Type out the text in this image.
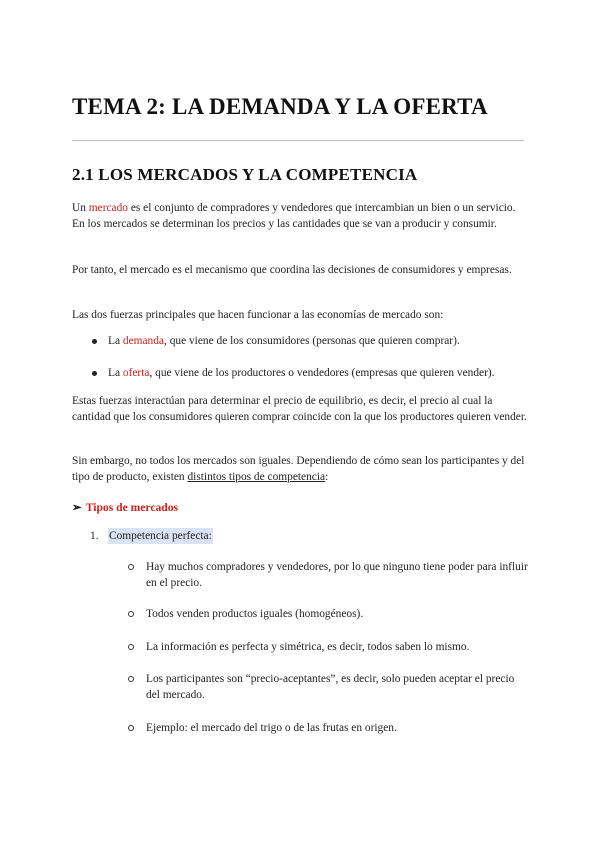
TEMA 2: LA DEMANDA Y LA OFERTA
2.1 LOS MERCADOS Y LA COMPETENCIA

Un mercado es el conjunto de compradores y vendedores que intercambian un bien o un servicio. En los mercados se determinan los precios y las cantidades que se van a producir y consumir.

Por tanto, el mercado es el mecanismo que coordina las decisiones de consumidores y empresas.

Las dos fuerzas principales que hacen funcionar a las economías de mercado son:

La demanda, que viene de los consumidores (personas que quieren comprar).
La oferta, que viene de los productores o vendedores (empresas que quieren vender).

Estas fuerzas interactúan para determinar el precio de equilibrio, es decir, el precio al cual la cantidad que los consumidores quieren comprar coincide con la que los productores quieren vender.

Sin embargo, no todos los mercados son iguales. Dependiendo de cómo sean los participantes y del tipo de producto, existen distintos tipos de competencia:

➢ Tipos de mercados
1. Competencia perfecta:
Hay muchos compradores y vendedores, por lo que ninguno tiene poder para influir en el precio.
Todos venden productos iguales (homogéneos).
La información es perfecta y simétrica, es decir, todos saben lo mismo.
Los participantes son “precio-aceptantes”, es decir, solo pueden aceptar el precio del mercado.
Ejemplo: el mercado del trigo o de las frutas en origen.
